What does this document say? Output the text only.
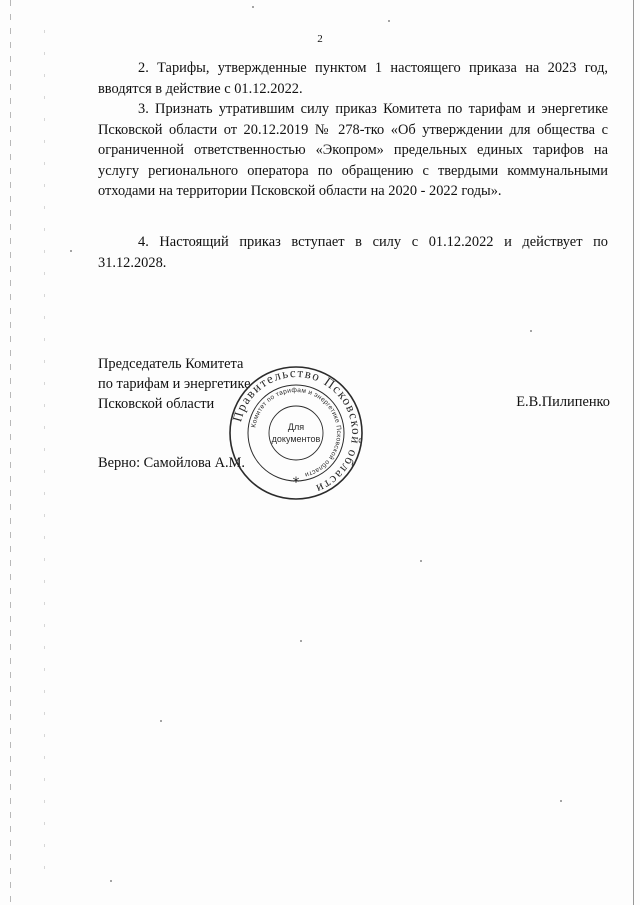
2
2. Тарифы, утвержденные пунктом 1 настоящего приказа на 2023 год, вводятся в действие с 01.12.2022.
3. Признать утратившим силу приказ Комитета по тарифам и энергетике Псковской области от 20.12.2019 № 278-тко «Об утверждении для общества с ограниченной ответственностью «Экопром» предельных единых тарифов на услугу регионального оператора по обращению с твердыми коммунальными отходами на территории Псковской области на 2020 - 2022 годы».
4. Настоящий приказ вступает в силу с 01.12.2022 и действует по 31.12.2028.
Председатель Комитета
по тарифам и энергетике
Псковской области	Е.В.Пилипенко
Верно: Самойлова А.М.
Правительство Псковской области
Комитет по тарифам и энергетике Псковской области
Для
документов
*
